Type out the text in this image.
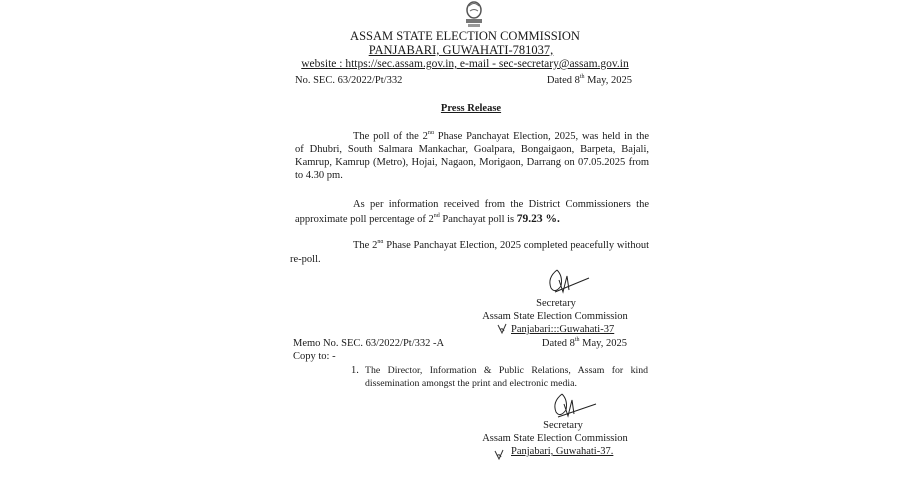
ASSAM STATE ELECTION COMMISSION
PANJABARI, GUWAHATI-781037,
website : https://sec.assam.gov.in, e-mail - sec-secretary@assam.gov.in
No. SEC. 63/2022/Pt/332	Dated 8th May, 2025
Press Release
The poll of the 2nd Phase Panchayat Election, 2025, was held in the
of Dhubri, South Salmara Mankachar, Goalpara, Bongaigaon, Barpeta, Bajali,
Kamrup, Kamrup (Metro), Hojai, Nagaon, Morigaon, Darrang on 07.05.2025 from
to 4.30 pm.
As per information received from the District Commissioners the
approximate poll percentage of 2nd Panchayat poll is 79.23 %.
The 2nd Phase Panchayat Election, 2025 completed peacefully without
re-poll.
Secretary
Assam State Election Commission
Panjabari:::Guwahati-37
Memo No. SEC. 63/2022/Pt/332 -A	Dated 8th May, 2025
Copy to: -
1. The Director, Information & Public Relations, Assam for kind
dissemination amongst the print and electronic media.
Secretary
Assam State Election Commission
Panjabari, Guwahati-37.
